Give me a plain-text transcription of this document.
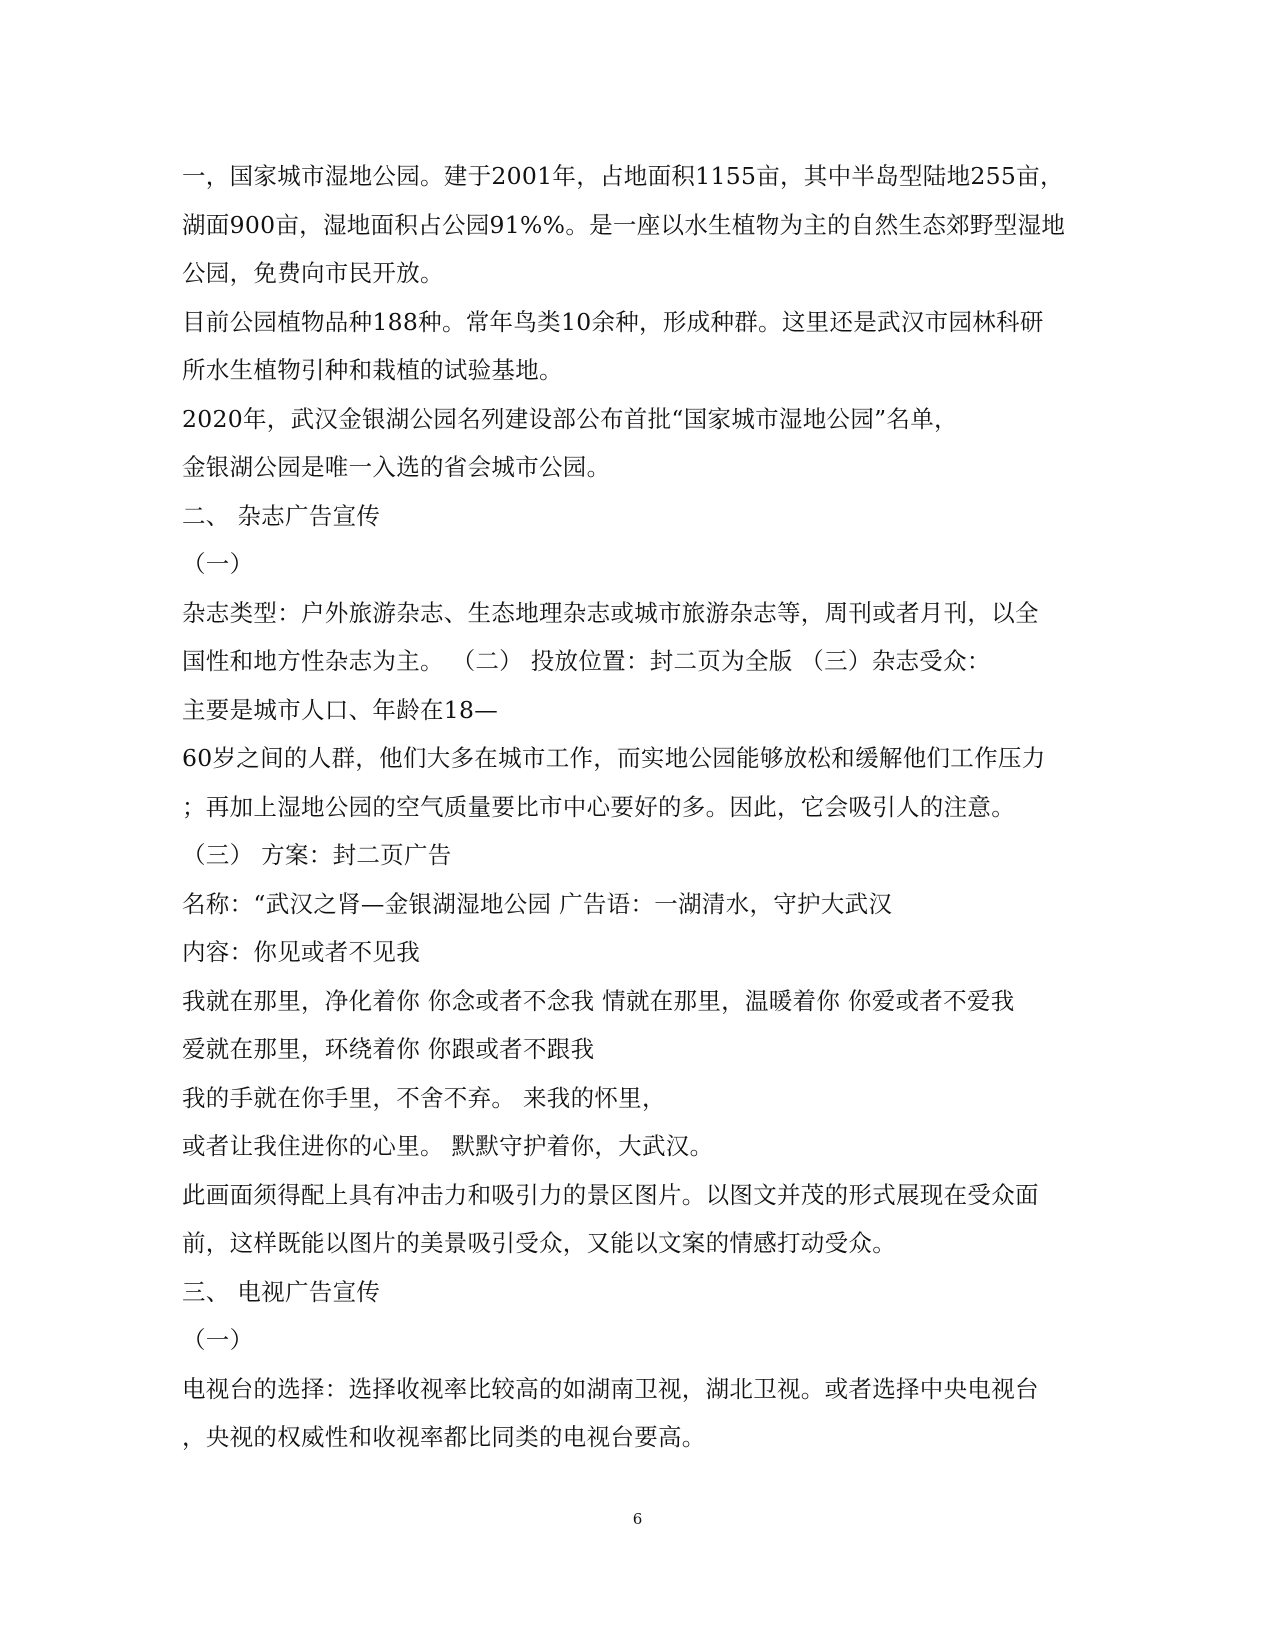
一，国家城市湿地公园。建于2001年，占地面积1155亩，其中半岛型陆地255亩，
湖面900亩，湿地面积占公园91%%。是一座以水生植物为主的自然生态郊野型湿地
公园，免费向市民开放。
目前公园植物品种188种。常年鸟类10余种，形成种群。这里还是武汉市园林科研
所水生植物引种和栽植的试验基地。
2020年，武汉金银湖公园名列建设部公布首批“国家城市湿地公园”名单，
金银湖公园是唯一入选的省会城市公园。
二、 杂志广告宣传
（一）
杂志类型：户外旅游杂志、生态地理杂志或城市旅游杂志等，周刊或者月刊，以全
国性和地方性杂志为主。 （二） 投放位置：封二页为全版 （三）杂志受众：
主要是城市人口、年龄在18—
60岁之间的人群，他们大多在城市工作，而实地公园能够放松和缓解他们工作压力
；再加上湿地公园的空气质量要比市中心要好的多。因此，它会吸引人的注意。
（三） 方案：封二页广告
名称：“武汉之肾—金银湖湿地公园 广告语：一湖清水，守护大武汉
内容：你见或者不见我
我就在那里，净化着你 你念或者不念我 情就在那里，温暖着你 你爱或者不爱我
爱就在那里，环绕着你 你跟或者不跟我
我的手就在你手里，不舍不弃。 来我的怀里，
或者让我住进你的心里。 默默守护着你，大武汉。
此画面须得配上具有冲击力和吸引力的景区图片。以图文并茂的形式展现在受众面
前，这样既能以图片的美景吸引受众，又能以文案的情感打动受众。
三、 电视广告宣传
（一）
电视台的选择：选择收视率比较高的如湖南卫视，湖北卫视。或者选择中央电视台
，央视的权威性和收视率都比同类的电视台要高。
6
